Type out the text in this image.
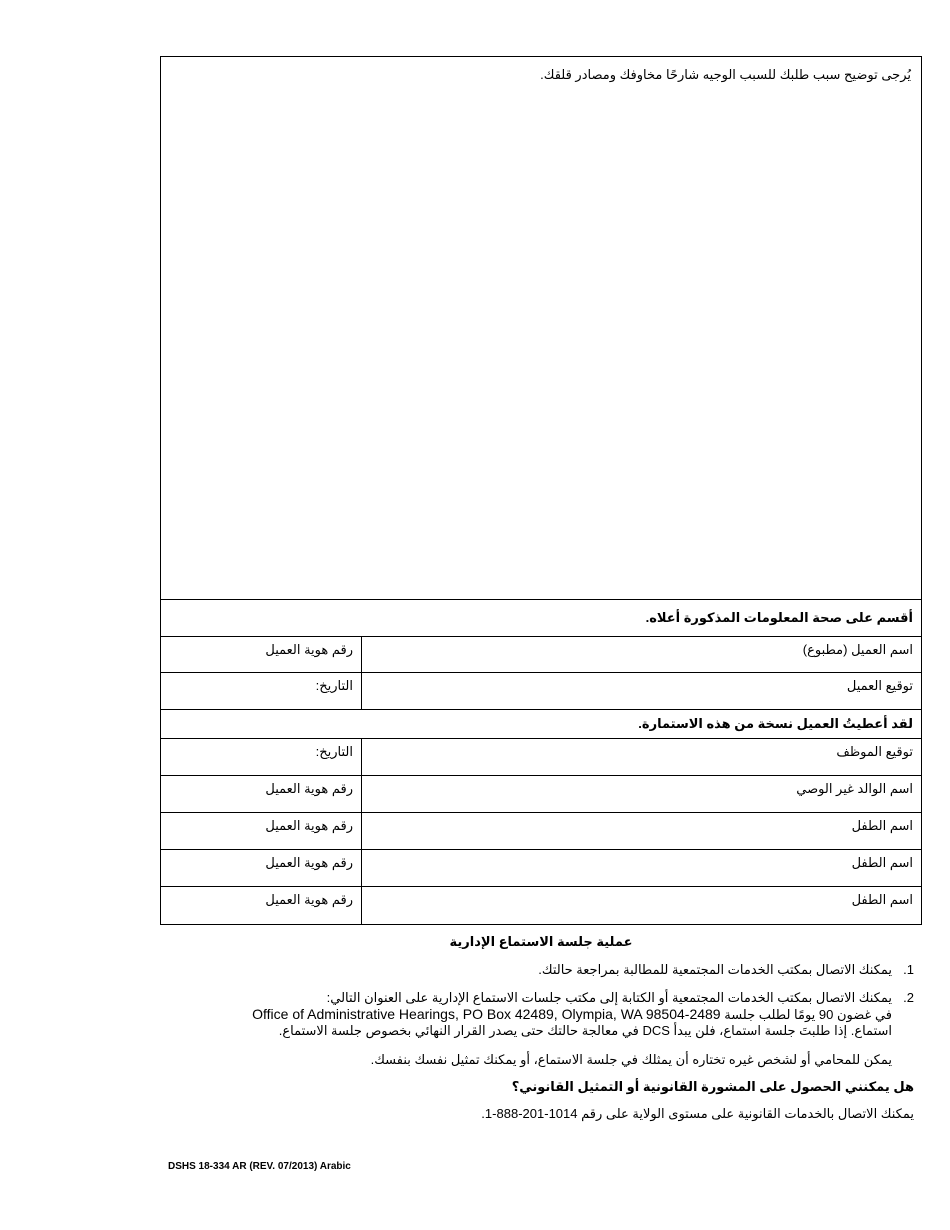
يُرجى توضيح سبب طلبك للسبب الوجيه شارحًا مخاوفك ومصادر قلقك.
أقسم على صحة المعلومات المذكورة أعلاه.
اسم العميل (مطبوع)
رقم هوية العميل
توقيع العميل
التاريخ:
لقد أعطيتُ العميل نسخة من هذه الاستمارة.
توقيع الموظف
التاريخ:
اسم الوالد غير الوصي
رقم هوية العميل
اسم الطفل
رقم هوية العميل
اسم الطفل
رقم هوية العميل
اسم الطفل
رقم هوية العميل
عملية جلسة الاستماع الإدارية
1.يمكنك الاتصال بمكتب الخدمات المجتمعية للمطالبة بمراجعة حالتك.
2.يمكنك الاتصال بمكتب الخدمات المجتمعية أو الكتابة إلى مكتب جلسات الاستماع الإدارية على العنوان التالي:
في غضون 90 يومًا لطلب جلسة Office of Administrative Hearings, PO Box 42489, Olympia, WA 98504-2489
استماع. إذا طلبتَ جلسة استماع، فلن يبدأ DCS في معالجة حالتك حتى يصدر القرار النهائي بخصوص جلسة الاستماع.
يمكن للمحامي أو لشخص غيره تختاره أن يمثلك في جلسة الاستماع، أو يمكنك تمثيل نفسك بنفسك.
هل يمكنني الحصول على المشورة القانونية أو التمثيل القانوني؟
يمكنك الاتصال بالخدمات القانونية على مستوى الولاية على رقم 1014-201-888-1.
DSHS 18-334 AR (REV. 07/2013) Arabic
